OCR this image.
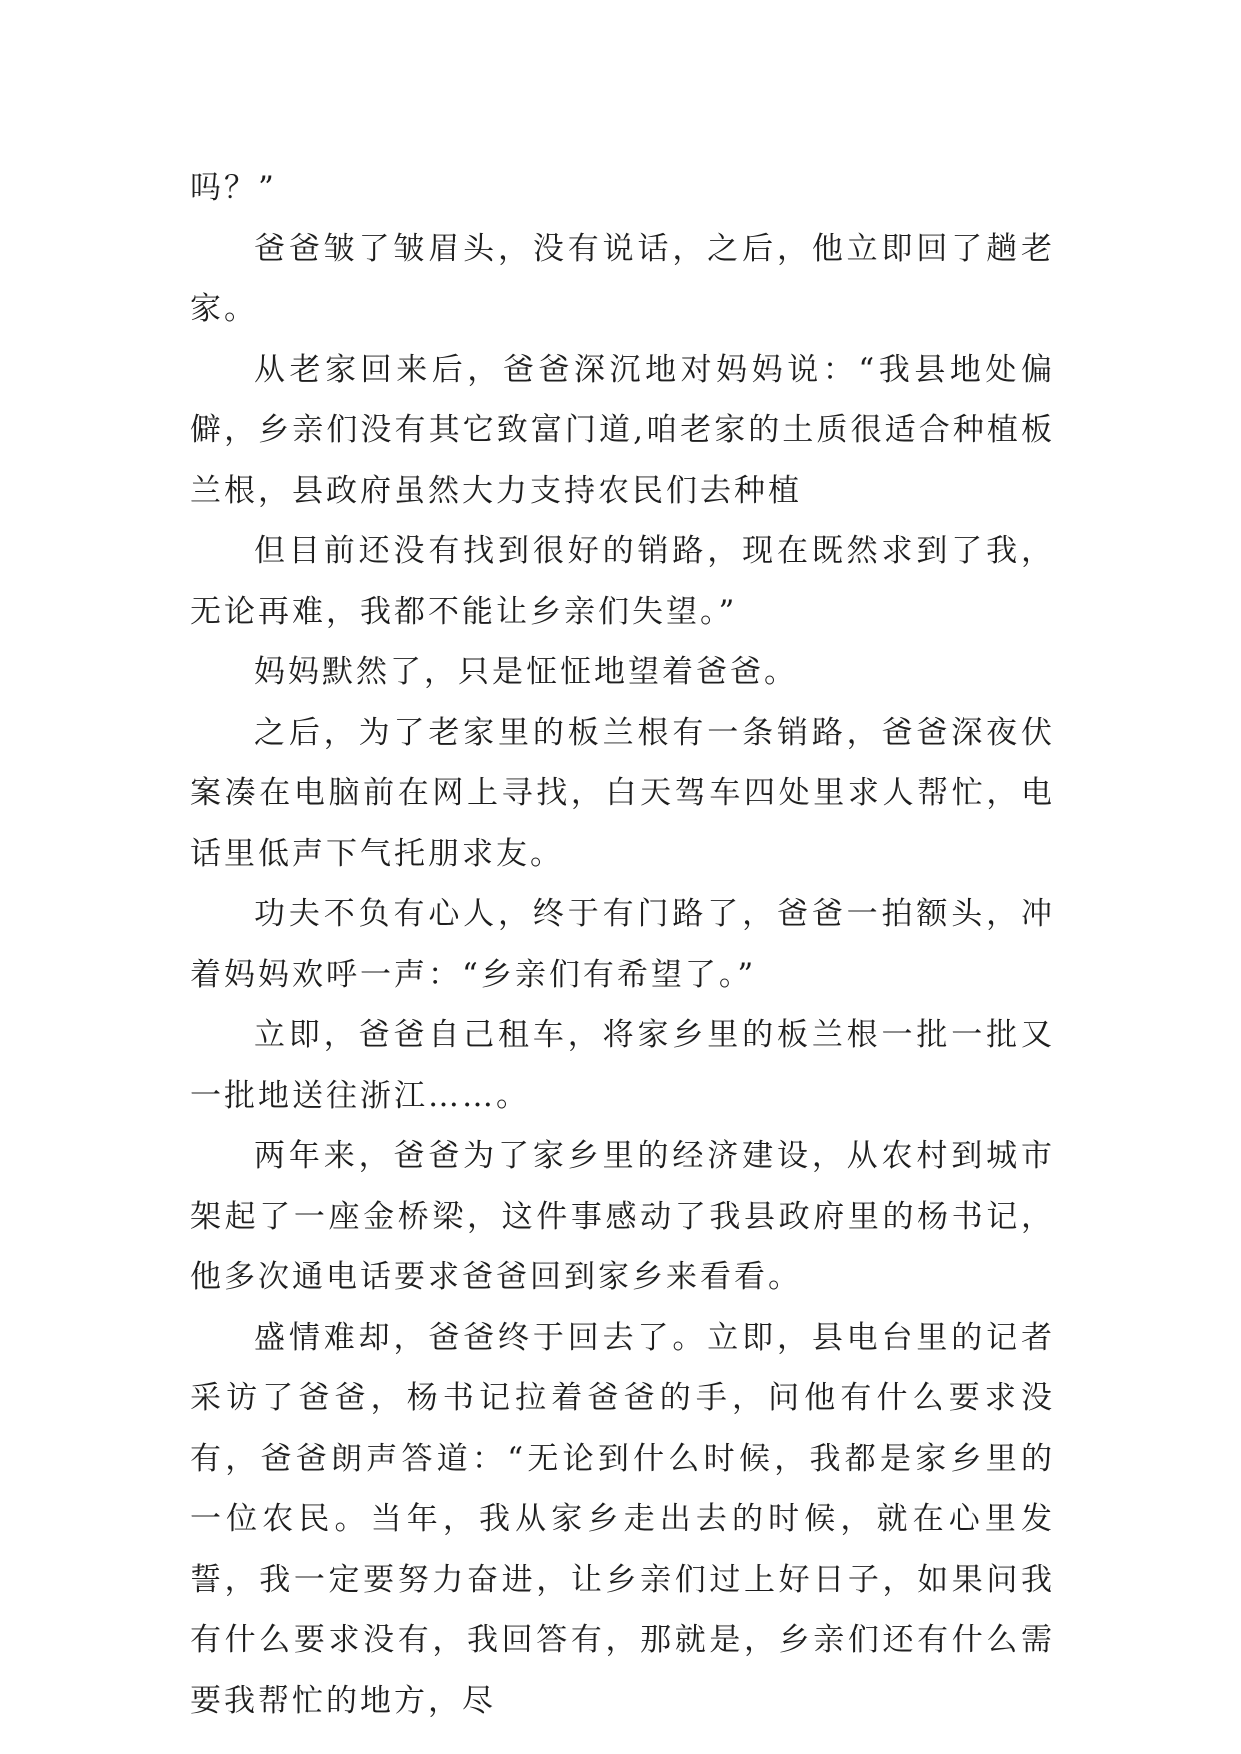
吗？”

爸爸皱了皱眉头，没有说话，之后，他立即回了趟老家。

从老家回来后，爸爸深沉地对妈妈说：“我县地处偏僻，乡亲们没有其它致富门道,咱老家的土质很适合种植板兰根，县政府虽然大力支持农民们去种植

但目前还没有找到很好的销路，现在既然求到了我，无论再难，我都不能让乡亲们失望。”

妈妈默然了，只是怔怔地望着爸爸。

之后，为了老家里的板兰根有一条销路，爸爸深夜伏案凑在电脑前在网上寻找，白天驾车四处里求人帮忙，电话里低声下气托朋求友。

功夫不负有心人，终于有门路了，爸爸一拍额头，冲着妈妈欢呼一声：“乡亲们有希望了。”

立即，爸爸自己租车，将家乡里的板兰根一批一批又一批地送往浙江……。

两年来，爸爸为了家乡里的经济建设，从农村到城市架起了一座金桥梁，这件事感动了我县政府里的杨书记，他多次通电话要求爸爸回到家乡来看看。

盛情难却，爸爸终于回去了。立即，县电台里的记者采访了爸爸，杨书记拉着爸爸的手，问他有什么要求没有，爸爸朗声答道：“无论到什么时候，我都是家乡里的一位农民。当年，我从家乡走出去的时候，就在心里发誓，我一定要努力奋进，让乡亲们过上好日子，如果问我有什么要求没有，我回答有，那就是，乡亲们还有什么需要我帮忙的地方，尽
